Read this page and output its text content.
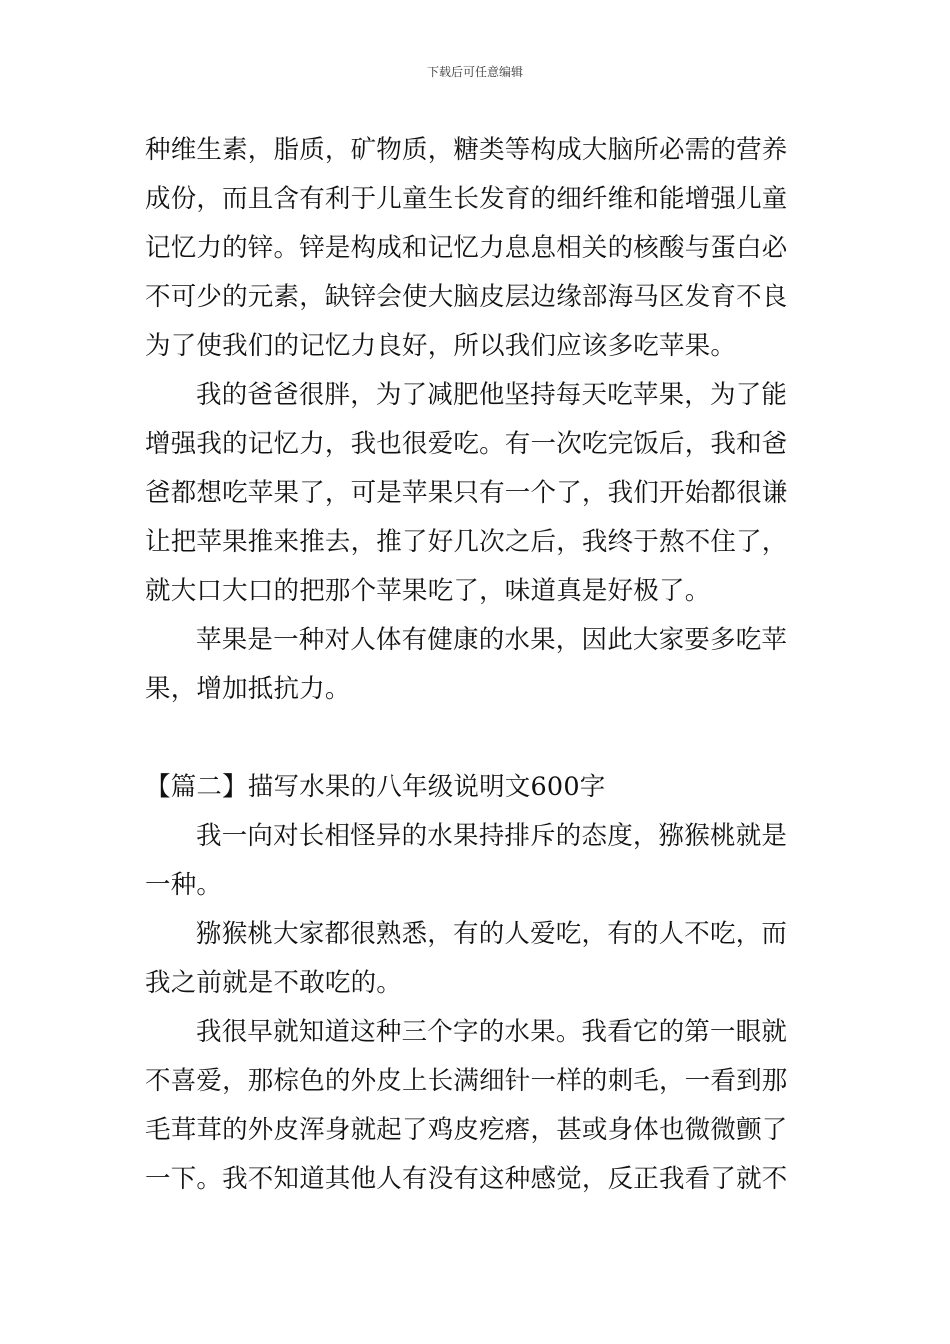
下载后可任意编辑
种维生素，脂质，矿物质，糖类等构成大脑所必需的营养
成份，而且含有利于儿童生长发育的细纤维和能增强儿童
记忆力的锌。锌是构成和记忆力息息相关的核酸与蛋白必
不可少的元素，缺锌会使大脑皮层边缘部海马区发育不良
为了使我们的记忆力良好，所以我们应该多吃苹果。
我的爸爸很胖，为了减肥他坚持每天吃苹果，为了能
增强我的记忆力，我也很爱吃。有一次吃完饭后，我和爸
爸都想吃苹果了，可是苹果只有一个了，我们开始都很谦
让把苹果推来推去，推了好几次之后，我终于熬不住了，
就大口大口的把那个苹果吃了，味道真是好极了。
苹果是一种对人体有健康的水果，因此大家要多吃苹
果，增加抵抗力。
【篇二】描写水果的八年级说明文600字
我一向对长相怪异的水果持排斥的态度，猕猴桃就是
一种。
猕猴桃大家都很熟悉，有的人爱吃，有的人不吃，而
我之前就是不敢吃的。
我很早就知道这种三个字的水果。我看它的第一眼就
不喜爱，那棕色的外皮上长满细针一样的刺毛，一看到那
毛茸茸的外皮浑身就起了鸡皮疙瘩，甚或身体也微微颤了
一下。我不知道其他人有没有这种感觉，反正我看了就不
